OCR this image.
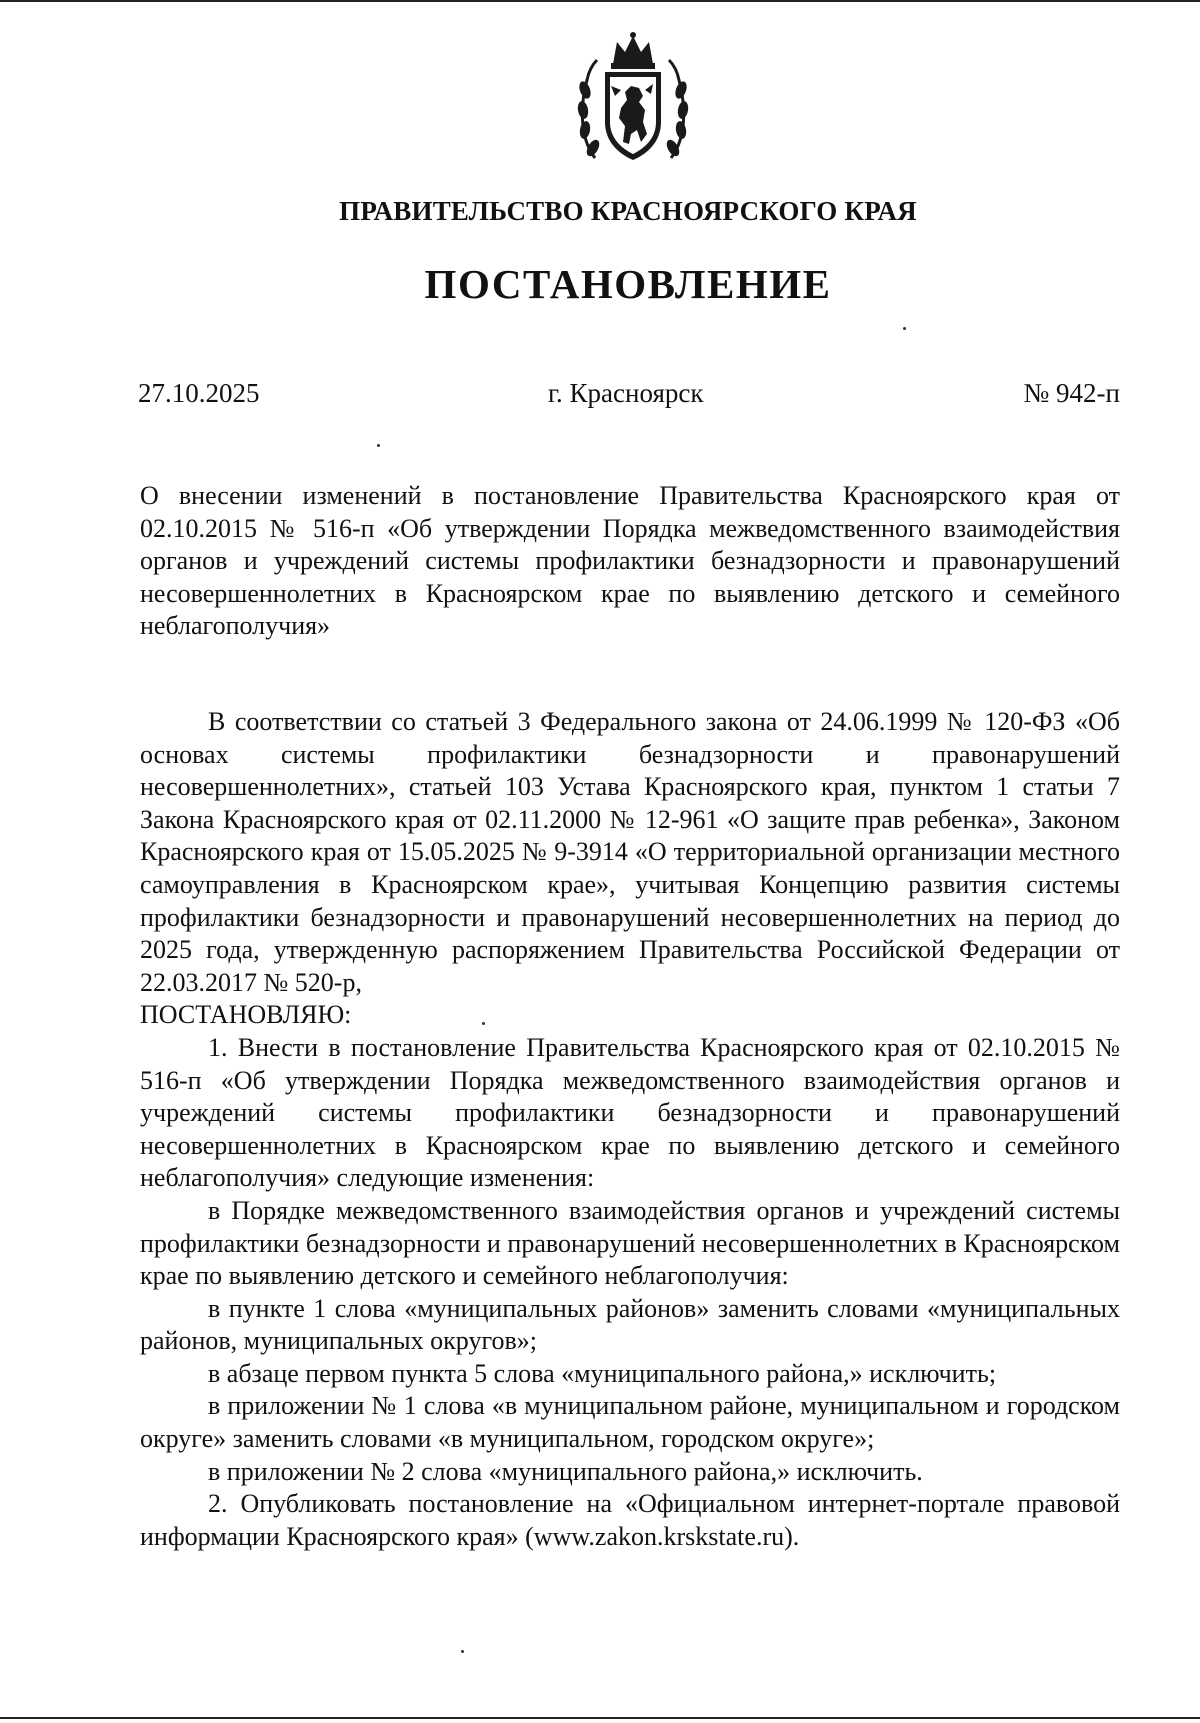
ПРАВИТЕЛЬСТВО КРАСНОЯРСКОГО КРАЯ
ПОСТАНОВЛЕНИЕ
27.10.2025	г. Красноярск	№ 942-п

О внесении изменений в постановление Правительства Красноярского края от 02.10.2015 № 516-п «Об утверждении Порядка межведомственного взаимодействия органов и учреждений системы профилактики безнадзорности и правонарушений несовершеннолетних в Красноярском крае по выявлению детского и семейного неблагополучия»

В соответствии со статьей 3 Федерального закона от 24.06.1999 № 120-ФЗ «Об основах системы профилактики безнадзорности и правонарушений несовершеннолетних», статьей 103 Устава Красноярского края, пунктом 1 статьи 7 Закона Красноярского края от 02.11.2000 № 12-961 «О защите прав ребенка», Законом Красноярского края от 15.05.2025 № 9-3914 «О территориальной организации местного самоуправления в Красноярском крае», учитывая Концепцию развития системы профилактики безнадзорности и правонарушений несовершеннолетних на период до 2025 года, утвержденную распоряжением Правительства Российской Федерации от 22.03.2017 № 520-р,

ПОСТАНОВЛЯЮ:

1. Внести в постановление Правительства Красноярского края от 02.10.2015 № 516-п «Об утверждении Порядка межведомственного взаимодействия органов и учреждений системы профилактики безнадзорности и правонарушений несовершеннолетних в Красноярском крае по выявлению детского и семейного неблагополучия» следующие изменения:

в Порядке межведомственного взаимодействия органов и учреждений системы профилактики безнадзорности и правонарушений несовершеннолетних в Красноярском крае по выявлению детского и семейного неблагополучия:

в пункте 1 слова «муниципальных районов» заменить словами «муниципальных районов, муниципальных округов»;

в абзаце первом пункта 5 слова «муниципального района,» исключить;

в приложении № 1 слова «в муниципальном районе, муниципальном и городском округе» заменить словами «в муниципальном, городском округе»;

в приложении № 2 слова «муниципального района,» исключить.

2. Опубликовать постановление на «Официальном интернет-портале правовой информации Красноярского края» (www.zakon.krskstate.ru).
